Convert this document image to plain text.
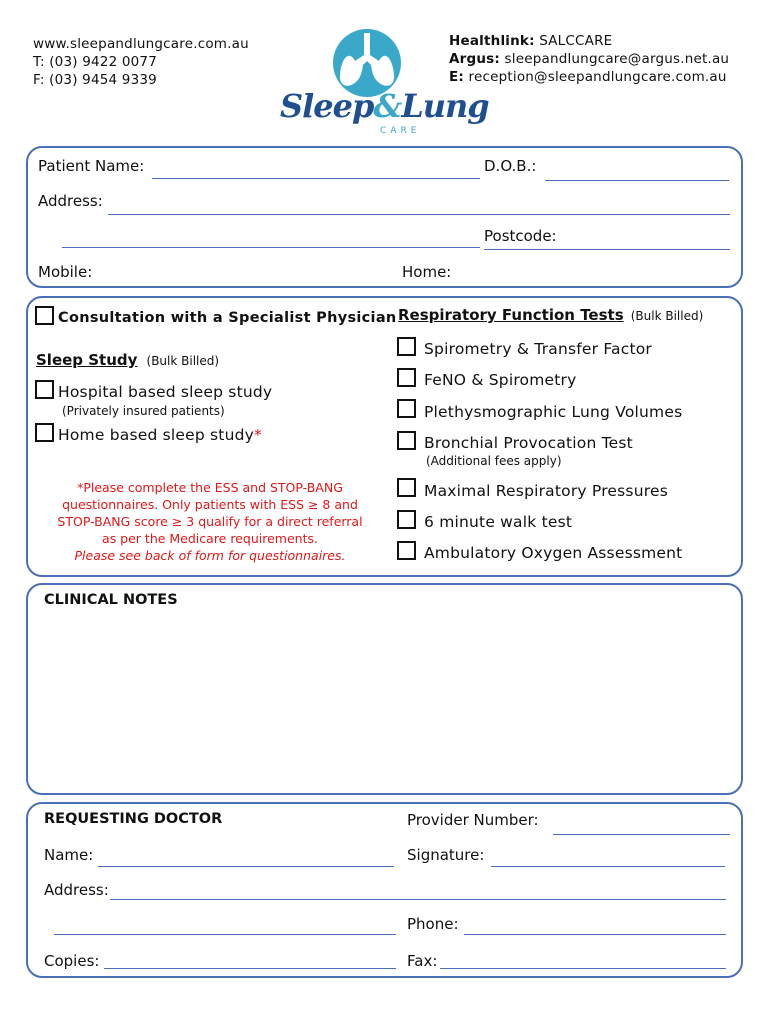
www.sleepandlungcare.com.au
T: (03) 9422 0077
F: (03) 9454 9339
Healthlink: SALCCARE
Argus: sleepandlungcare@argus.net.au
E: reception@sleepandlungcare.com.au
Sleep&Lung
CARE
Patient Name:	D.O.B.:
Address:
Postcode:
Mobile:	Home:
Consultation with a Specialist Physician
Sleep Study (Bulk Billed)
Hospital based sleep study
(Privately insured patients)
Home based sleep study*
*Please complete the ESS and STOP-BANG
questionnaires. Only patients with ESS ≥ 8 and
STOP-BANG score ≥ 3 qualify for a direct referral
as per the Medicare requirements.
Please see back of form for questionnaires.
Respiratory Function Tests (Bulk Billed)
Spirometry & Transfer Factor
FeNO & Spirometry
Plethysmographic Lung Volumes
Bronchial Provocation Test
(Additional fees apply)
Maximal Respiratory Pressures
6 minute walk test
Ambulatory Oxygen Assessment
CLINICAL NOTES
REQUESTING DOCTOR	Provider Number:
Name:	Signature:
Address:
Phone:
Copies:	Fax:
